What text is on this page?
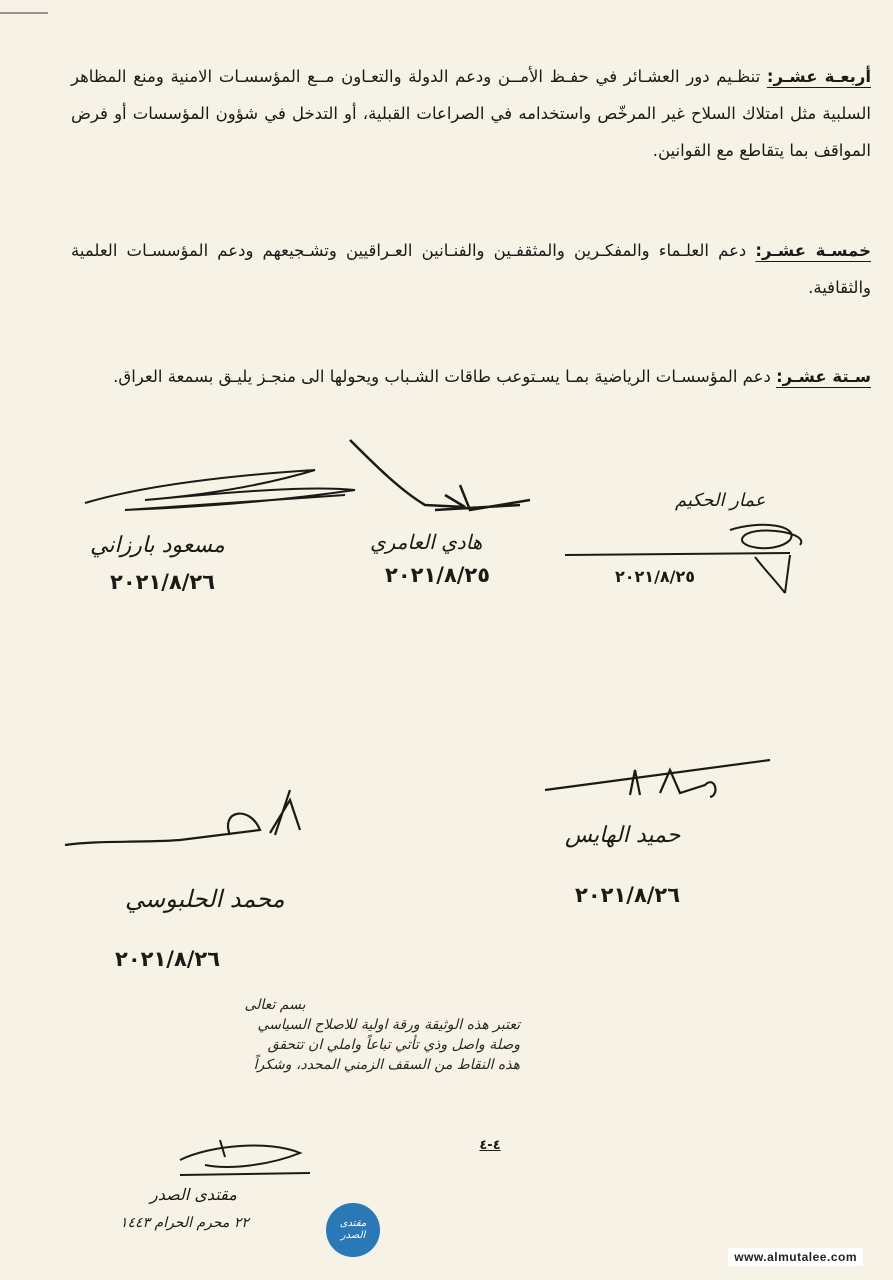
أربعـة عشـر: تنظـيم دور العشـائر في حفـظ الأمــن ودعم الدولة والتعـاون مــع المؤسسـات الامنية ومنع المظاهر السلبية مثل امتلاك السلاح غير المرخّص واستخدامه في الصراعات القبلية، أو التدخل في شؤون المؤسسات أو فرض المواقف بما يتقاطع مع القوانين.
خمسـة عشـر: دعم العلـماء والمفكـرين والمثقفـين والفنـانين العـراقيين وتشـجيعهم ودعم المؤسسـات العلمية والثقافية.
سـتة عشـر: دعم المؤسسـات الرياضية بمـا يسـتوعب طاقات الشـباب ويحولها الى منجـز يليـق بسمعة العراق.
عمار الحكيم
٢٠٢١/٨/٢٥
هادي العامري
٢٠٢١/٨/٢٥
مسعود بارزاني
٢٠٢١/٨/٢٦
حميد الهايس
٢٠٢١/٨/٢٦
محمد الحلبوسي
٢٠٢١/٨/٢٦
بسم تعالى
تعتبر هذه الوثيقة ورقة اولية للاصلاح السياسي
وصلة واصل وذي تأتي تباعاً واملي ان تتحقق
هذه النقاط من السقف الزمني المحدد، وشكراً
٤-٤
مقتدى الصدر
٢٢ محرم الحرام ١٤٤٣	مقتدى الصدر
www.almutalee.com
